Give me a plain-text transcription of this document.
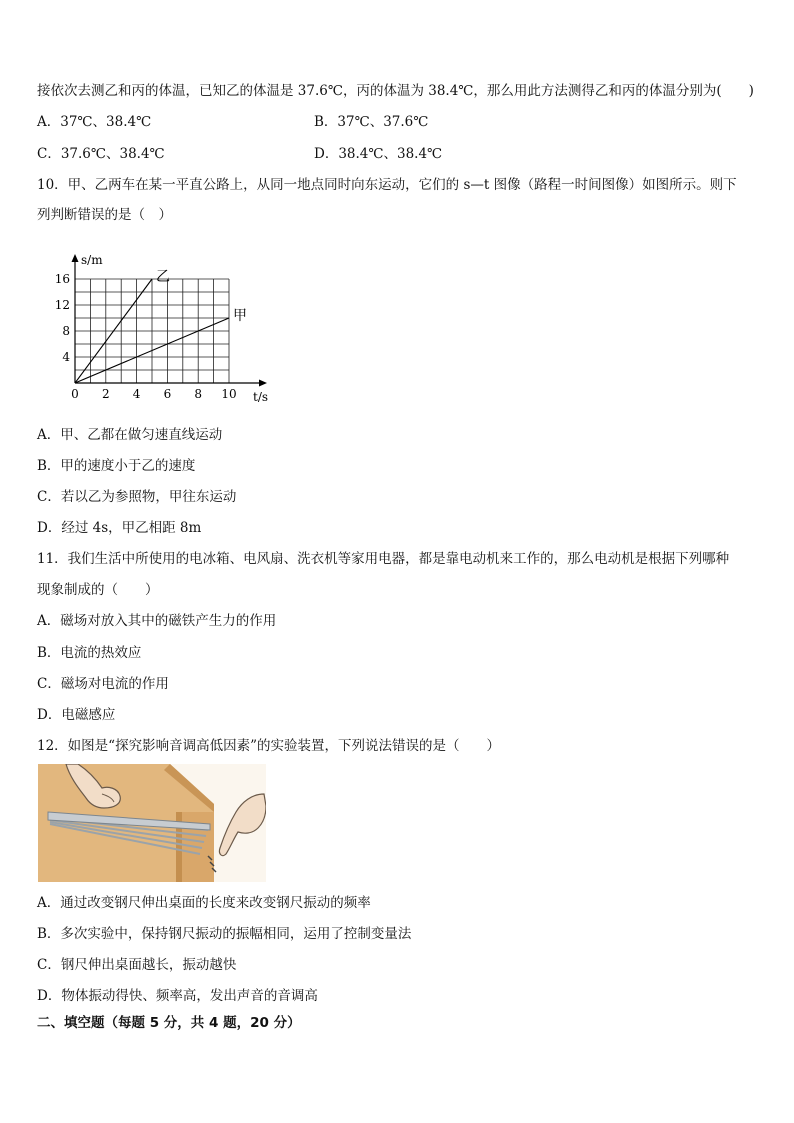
接依次去测乙和丙的体温，已知乙的体温是 37.6℃，丙的体温为 38.4℃，那么用此方法测得乙和丙的体温分别为(　　)
A．37℃、38.4℃	B．37℃、37.6℃
C．37.6℃、38.4℃	D．38.4℃、38.4℃
10．甲、乙两车在某一平直公路上，从同一地点同时向东运动，它们的 s—t 图像（路程一时间图像）如图所示。则下
列判断错误的是（　）
0 2 4 6 8 10
4
8
12
16	乙
甲
t/s
s/m
A．甲、乙都在做匀速直线运动
B．甲的速度小于乙的速度
C．若以乙为参照物，甲往东运动
D．经过 4s，甲乙相距 8m
11．我们生活中所使用的电冰箱、电风扇、洗衣机等家用电器，都是靠电动机来工作的，那么电动机是根据下列哪种
现象制成的（　　）
A．磁场对放入其中的磁铁产生力的作用
B．电流的热效应
C．磁场对电流的作用
D．电磁感应
12．如图是“探究影响音调高低因素”的实验装置，下列说法错误的是（　　）
A．通过改变钢尺伸出桌面的长度来改变钢尺振动的频率
B．多次实验中，保持钢尺振动的振幅相同，运用了控制变量法
C．钢尺伸出桌面越长，振动越快
D．物体振动得快、频率高，发出声音的音调高
二、填空题（每题 5 分，共 4 题，20 分）
